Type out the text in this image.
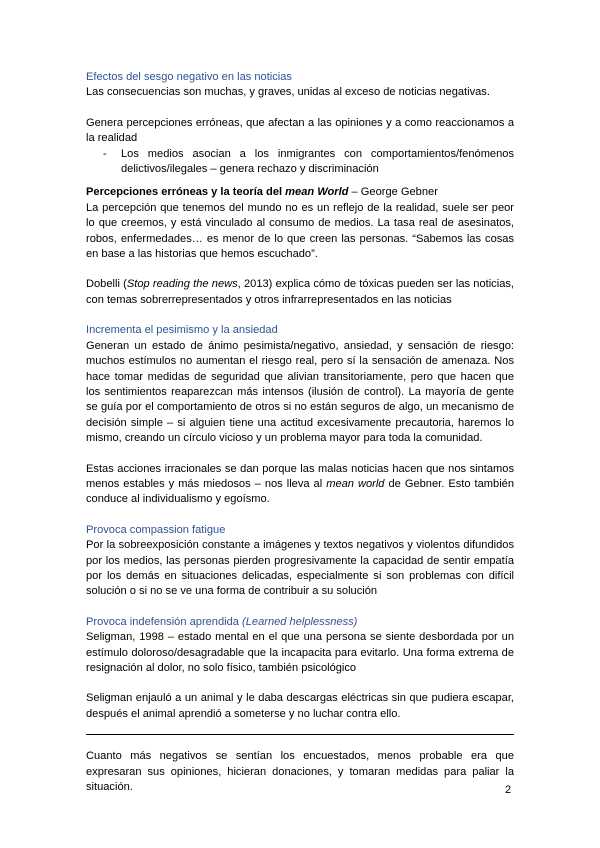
Efectos del sesgo negativo en las noticias

Las consecuencias son muchas, y graves, unidas al exceso de noticias negativas.

Genera percepciones erróneas, que afectan a las opiniones y a como reaccionamos a la realidad

- Los medios asocian a los inmigrantes con comportamientos/fenómenos delictivos/ilegales – genera rechazo y discriminación

Percepciones erróneas y la teoría del mean World – George Gebner

La percepción que tenemos del mundo no es un reflejo de la realidad, suele ser peor lo que creemos, y está vinculado al consumo de medios. La tasa real de asesinatos, robos, enfermedades… es menor de lo que creen las personas. “Sabemos las cosas en base a las historias que hemos escuchado”.

Dobelli (Stop reading the news, 2013) explica cómo de tóxicas pueden ser las noticias, con temas sobrerrepresentados y otros infrarrepresentados en las noticias

Incrementa el pesimismo y la ansiedad

Generan un estado de ánimo pesimista/negativo, ansiedad, y sensación de riesgo: muchos estímulos no aumentan el riesgo real, pero sí la sensación de amenaza. Nos hace tomar medidas de seguridad que alivian transitoriamente, pero que hacen que los sentimientos reaparezcan más intensos (ilusión de control). La mayoría de gente se guía por el comportamiento de otros si no están seguros de algo, un mecanismo de decisión simple – si alguien tiene una actitud excesivamente precautoria, haremos lo mismo, creando un círculo vicioso y un problema mayor para toda la comunidad.

Estas acciones irracionales se dan porque las malas noticias hacen que nos sintamos menos estables y más miedosos – nos lleva al mean world de Gebner. Esto también conduce al individualismo y egoísmo.

Provoca compassion fatigue

Por la sobreexposición constante a imágenes y textos negativos y violentos difundidos por los medios, las personas pierden progresivamente la capacidad de sentir empatía por los demás en situaciones delicadas, especialmente si son problemas con difícil solución o si no se ve una forma de contribuir a su solución

Provoca indefensión aprendida (Learned helplessness)

Seligman, 1998 – estado mental en el que una persona se siente desbordada por un estímulo doloroso/desagradable que la incapacita para evitarlo. Una forma extrema de resignación al dolor, no solo físico, también psicológico

Seligman enjauló a un animal y le daba descargas eléctricas sin que pudiera escapar, después el animal aprendió a someterse y no luchar contra ello.

Cuanto más negativos se sentían los encuestados, menos probable era que expresaran sus opiniones, hicieran donaciones, y tomaran medidas para paliar la situación.	2
